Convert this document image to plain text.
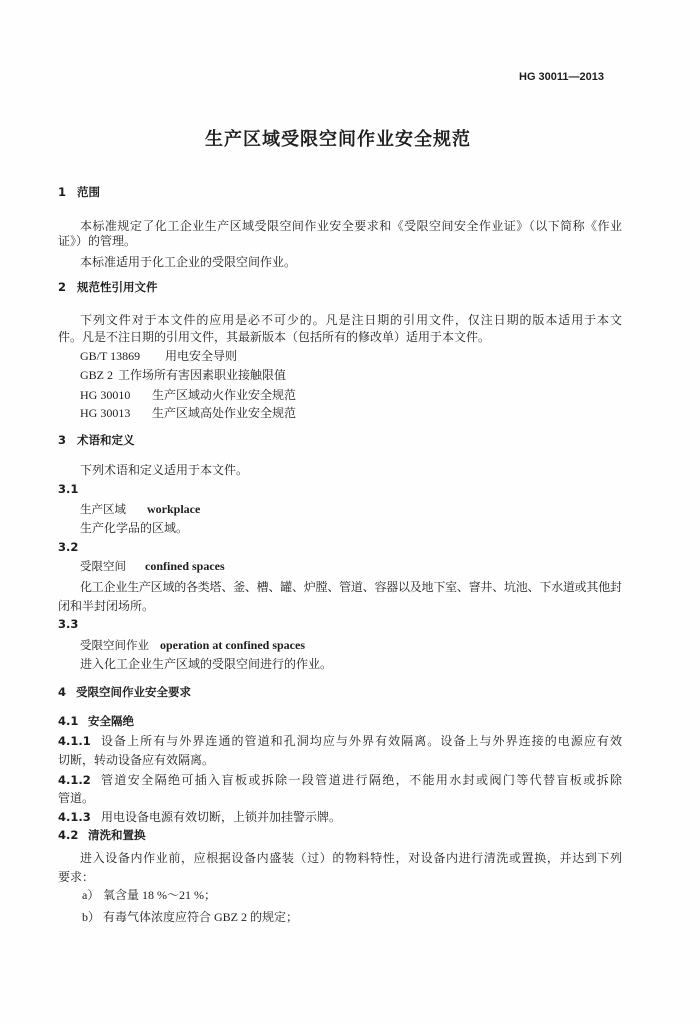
HG 30011—2013
生产区域受限空间作业安全规范
1 范围
本标准规定了化工企业生产区域受限空间作业安全要求和《受限空间安全作业证》（以下简称《作业
证》）的管理。
本标准适用于化工企业的受限空间作业。
2 规范性引用文件
下列文件对于本文件的应用是必不可少的。凡是注日期的引用文件，仅注日期的版本适用于本文
件。凡是不注日期的引用文件，其最新版本（包括所有的修改单）适用于本文件。
GB/T 13869 用电安全导则
GBZ 2 工作场所有害因素职业接触限值
HG 30010 生产区域动火作业安全规范
HG 30013 生产区域高处作业安全规范
3 术语和定义
下列术语和定义适用于本文件。
3.1
生产区域 workplace
生产化学品的区域。
3.2
受限空间 confined spaces
化工企业生产区域的各类塔、釜、槽、罐、炉膛、管道、容器以及地下室、窨井、坑池、下水道或其他封
闭和半封闭场所。
3.3
受限空间作业 operation at confined spaces
进入化工企业生产区域的受限空间进行的作业。
4 受限空间作业安全要求
4.1 安全隔绝
4.1.1 设备上所有与外界连通的管道和孔洞均应与外界有效隔离。设备上与外界连接的电源应有效
切断，转动设备应有效隔离。
4.1.2 管道安全隔绝可插入盲板或拆除一段管道进行隔绝，不能用水封或阀门等代替盲板或拆除
管道。
4.1.3 用电设备电源有效切断，上锁并加挂警示牌。
4.2 清洗和置换
进入设备内作业前，应根据设备内盛装（过）的物料特性，对设备内进行清洗或置换，并达到下列
要求：
a） 氧含量 18 %～21 %；
b） 有毒气体浓度应符合 GBZ 2 的规定；
